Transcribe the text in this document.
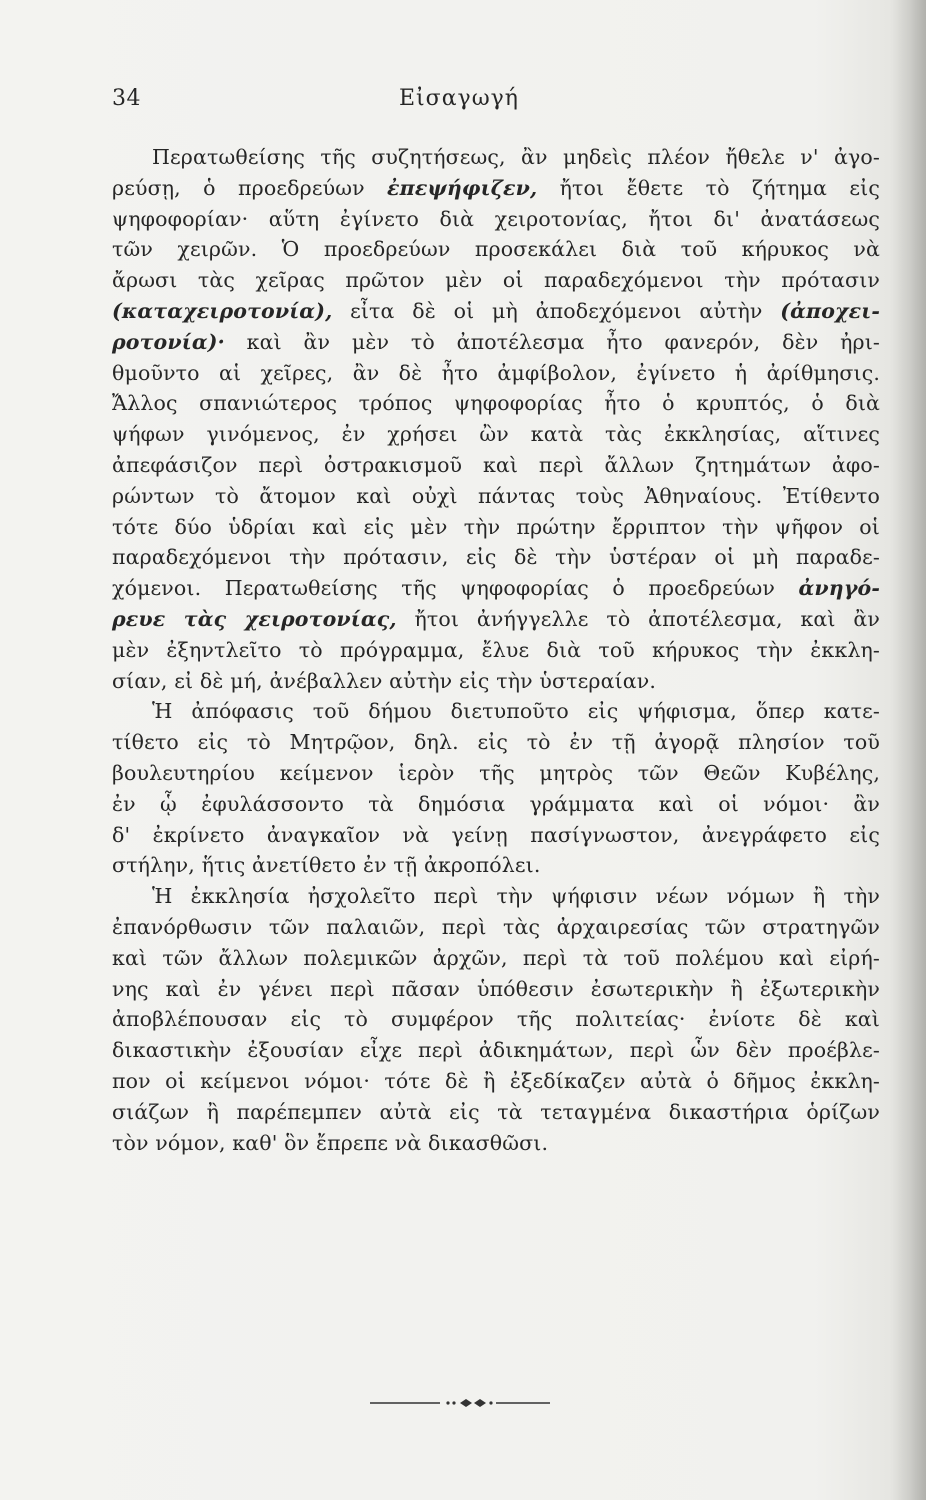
34	Εἰσαγωγή
Περατωθείσης τῆς συζητήσεως, ἂν μηδεὶς πλέον ἤθελε ν' ἀγο-
ρεύσῃ, ὁ προεδρεύων ἐπεψήφιζεν, ἤτοι ἔθετε τὸ ζήτημα εἰς
ψηφοφορίαν· αὕτη ἐγίνετο διὰ χειροτονίας, ἤτοι δι' ἀνατάσεως
τῶν χειρῶν. Ὁ προεδρεύων προσεκάλει διὰ τοῦ κήρυκος νὰ
ἄρωσι τὰς χεῖρας πρῶτον μὲν οἱ παραδεχόμενοι τὴν πρότασιν
(καταχειροτονία), εἶτα δὲ οἱ μὴ ἀποδεχόμενοι αὐτὴν (ἀποχει-
ροτονία)· καὶ ἂν μὲν τὸ ἀποτέλεσμα ἦτο φανερόν, δὲν ἠρι-
θμοῦντο αἱ χεῖρες, ἂν δὲ ἦτο ἀμφίβολον, ἐγίνετο ἡ ἀρίθμησις.
Ἄλλος σπανιώτερος τρόπος ψηφοφορίας ἦτο ὁ κρυπτός, ὁ διὰ
ψήφων γινόμενος, ἐν χρήσει ὢν κατὰ τὰς ἐκκλησίας, αἵτινες
ἀπεφάσιζον περὶ ὀστρακισμοῦ καὶ περὶ ἄλλων ζητημάτων ἀφο-
ρώντων τὸ ἄτομον καὶ οὐχὶ πάντας τοὺς Ἀθηναίους. Ἐτίθεντο
τότε δύο ὑδρίαι καὶ εἰς μὲν τὴν πρώτην ἔρριπτον τὴν ψῆφον οἱ
παραδεχόμενοι τὴν πρότασιν, εἰς δὲ τὴν ὑστέραν οἱ μὴ παραδε-
χόμενοι. Περατωθείσης τῆς ψηφοφορίας ὁ προεδρεύων ἀνηγό-
ρευε τὰς χειροτονίας, ἤτοι ἀνήγγελλε τὸ ἀποτέλεσμα, καὶ ἂν
μὲν ἐξηντλεῖτο τὸ πρόγραμμα, ἔλυε διὰ τοῦ κήρυκος τὴν ἐκκλη-
σίαν, εἰ δὲ μή, ἀνέβαλλεν αὐτὴν εἰς τὴν ὑστεραίαν.
Ἡ ἀπόφασις τοῦ δήμου διετυποῦτο εἰς ψήφισμα, ὅπερ κατε-
τίθετο εἰς τὸ Μητρῷον, δηλ. εἰς τὸ ἐν τῇ ἀγορᾷ πλησίον τοῦ
βουλευτηρίου κείμενον ἱερὸν τῆς μητρὸς τῶν Θεῶν Κυβέλης,
ἐν ᾧ ἐφυλάσσοντο τὰ δημόσια γράμματα καὶ οἱ νόμοι· ἂν
δ' ἐκρίνετο ἀναγκαῖον νὰ γείνῃ πασίγνωστον, ἀνεγράφετο εἰς
στήλην, ἥτις ἀνετίθετο ἐν τῇ ἀκροπόλει.
Ἡ ἐκκλησία ἠσχολεῖτο περὶ τὴν ψήφισιν νέων νόμων ἢ τὴν
ἐπανόρθωσιν τῶν παλαιῶν, περὶ τὰς ἀρχαιρεσίας τῶν στρατηγῶν
καὶ τῶν ἄλλων πολεμικῶν ἀρχῶν, περὶ τὰ τοῦ πολέμου καὶ εἰρή-
νης καὶ ἐν γένει περὶ πᾶσαν ὑπόθεσιν ἐσωτερικὴν ἢ ἐξωτερικὴν
ἀποβλέπουσαν εἰς τὸ συμφέρον τῆς πολιτείας· ἐνίοτε δὲ καὶ
δικαστικὴν ἐξουσίαν εἶχε περὶ ἀδικημάτων, περὶ ὧν δὲν προέβλε-
πον οἱ κείμενοι νόμοι· τότε δὲ ἢ ἐξεδίκαζεν αὐτὰ ὁ δῆμος ἐκκλη-
σιάζων ἢ παρέπεμπεν αὐτὰ εἰς τὰ τεταγμένα δικαστήρια ὁρίζων
τὸν νόμον, καθ' ὃν ἔπρεπε νὰ δικασθῶσι.
